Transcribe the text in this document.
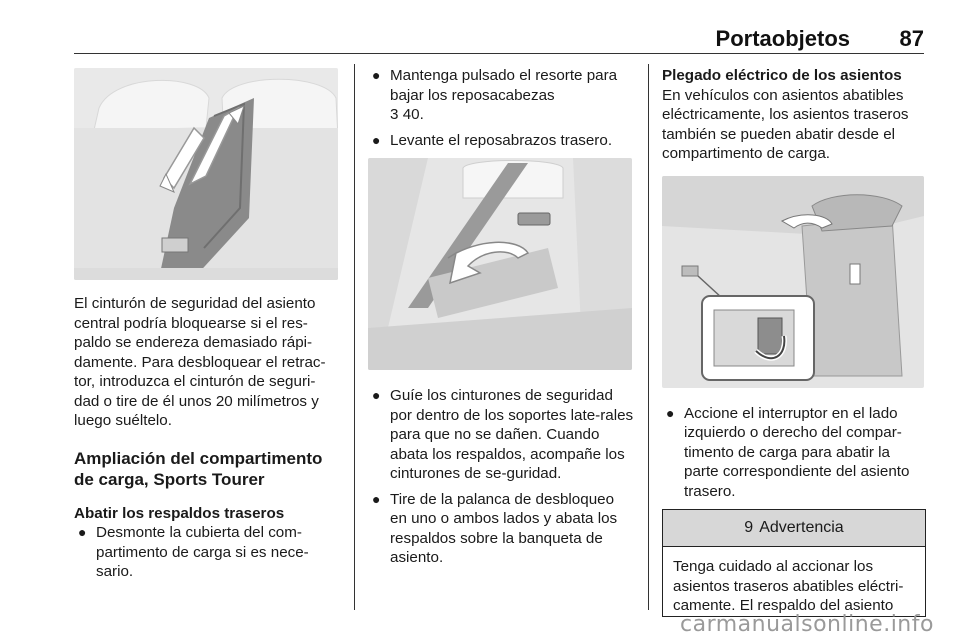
Portaobjetos 87

El cinturón de seguridad del asiento central podría bloquearse si el res-paldo se endereza demasiado rápi-damente. Para desbloquear el retrac-tor, introduzca el cinturón de seguri-dad o tire de él unos 20 milímetros y luego suéltelo.

Ampliación del compartimento de carga, Sports Tourer

Abatir los respaldos traseros

● Desmonte la cubierta del com-partimento de carga si es nece-sario.
● Mantenga pulsado el resorte para bajar los reposacabezas
3 40.
● Levante el reposabrazos trasero.
● Guíe los cinturones de seguridad por dentro de los soportes late-rales para que no se dañen. Cuando abata los respaldos, acompañe los cinturones de se-guridad.
● Tire de la palanca de desbloqueo en uno o ambos lados y abata los respaldos sobre la banqueta de asiento.

Plegado eléctrico de los asientos

En vehículos con asientos abatibles eléctricamente, los asientos traseros también se pueden abatir desde el compartimento de carga.

● Accione el interruptor en el lado izquierdo o derecho del compar-timento de carga para abatir la parte correspondiente del asiento trasero.
9 Advertencia
Tenga cuidado al accionar los asientos traseros abatibles eléctri-camente. El respaldo del asiento
carmanualsonline.info
